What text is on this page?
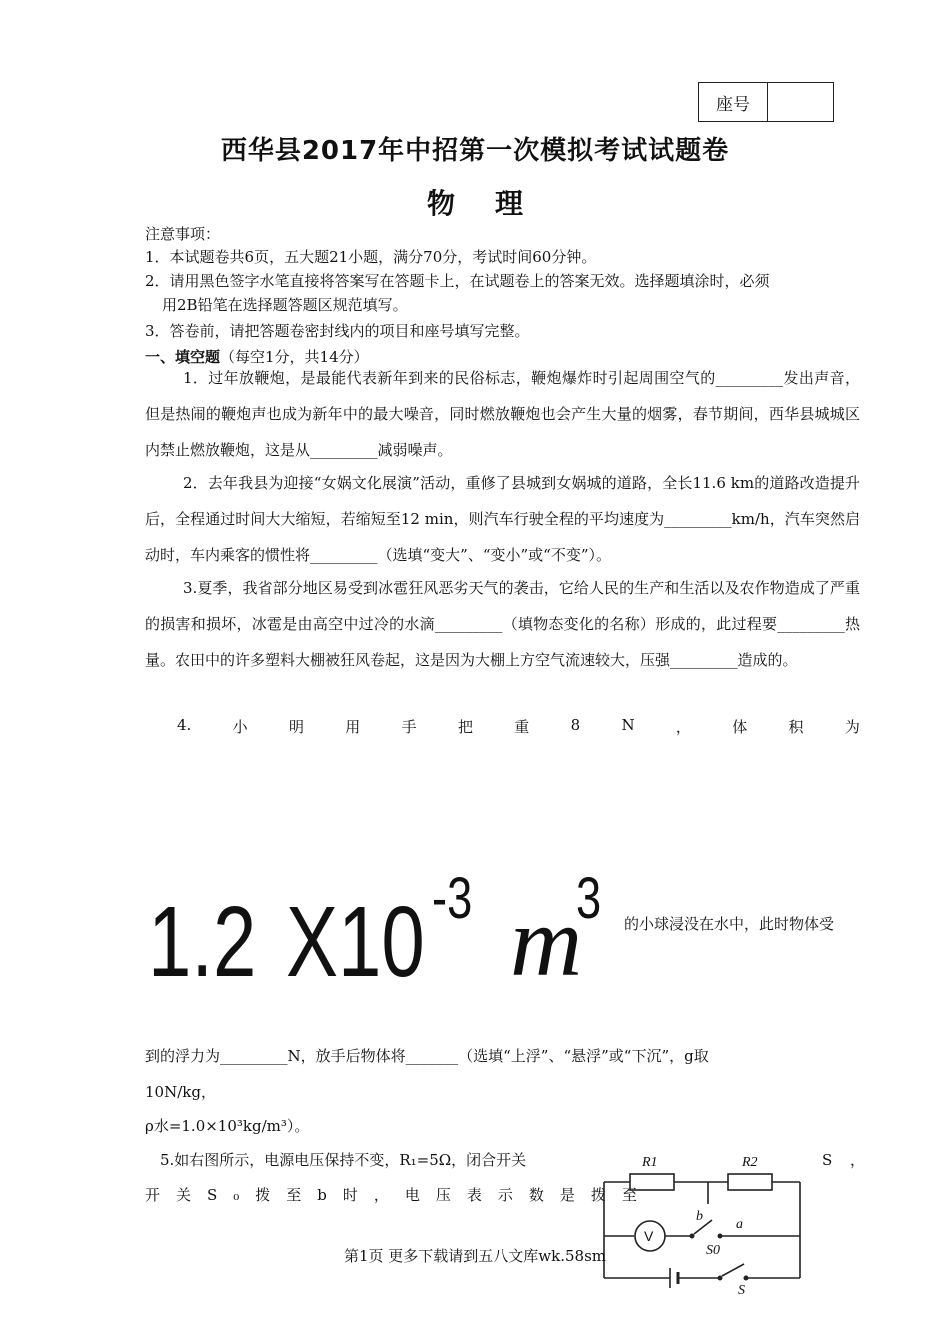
座号
西华县2017年中招第一次模拟考试试题卷
物理
注意事项：
1．本试题卷共6页，五大题21小题，满分70分，考试时间60分钟。
2．请用黑色签字水笔直接将答案写在答题卡上，在试题卷上的答案无效。选择题填涂时，必须
用2B铅笔在选择题答题区规范填写。
3．答卷前，请把答题卷密封线内的项目和座号填写完整。
一、填空题（每空1分，共14分）
1．过年放鞭炮，是最能代表新年到来的民俗标志，鞭炮爆炸时引起周围空气的_________发出声音，但是热闹的鞭炮声也成为新年中的最大噪音，同时燃放鞭炮也会产生大量的烟雾，春节期间，西华县城城区内禁止燃放鞭炮，这是从_________减弱噪声。
2．去年我县为迎接“女娲文化展演”活动，重修了县城到女娲城的道路，全长11.6 km的道路改造提升后，全程通过时间大大缩短，若缩短至12 min，则汽车行驶全程的平均速度为_________km/h，汽车突然启动时，车内乘客的惯性将_________（选填“变大”、“变小”或“不变”）。
3.夏季，我省部分地区易受到冰雹狂风恶劣天气的袭击，它给人民的生产和生活以及农作物造成了严重的损害和损坏，冰雹是由高空中过冷的水滴_________（填物态变化的名称）形成的，此过程要_________热量。农田中的许多塑料大棚被狂风卷起，这是因为大棚上方空气流速较大，压强_________造成的。
4.	小	明	用	手	把	重	8	N	，	体	积	为
1.2 X10 -3 m
3 的小球浸没在水中，此时物体受
到的浮力为_________N，放手后物体将_______（选填“上浮”、“悬浮”或“下沉”，g取
10N/kg，
ρ水=1.0×10³kg/m³）。
5.如右图所示，电源电压保持不变，R₁=5Ω，闭合开关	S	，
开关S₀拨至b时，电压表示数是拨至
R1	R2
b
a
S0
S
V
第1页 更多下载请到五八文库wk.58sm
